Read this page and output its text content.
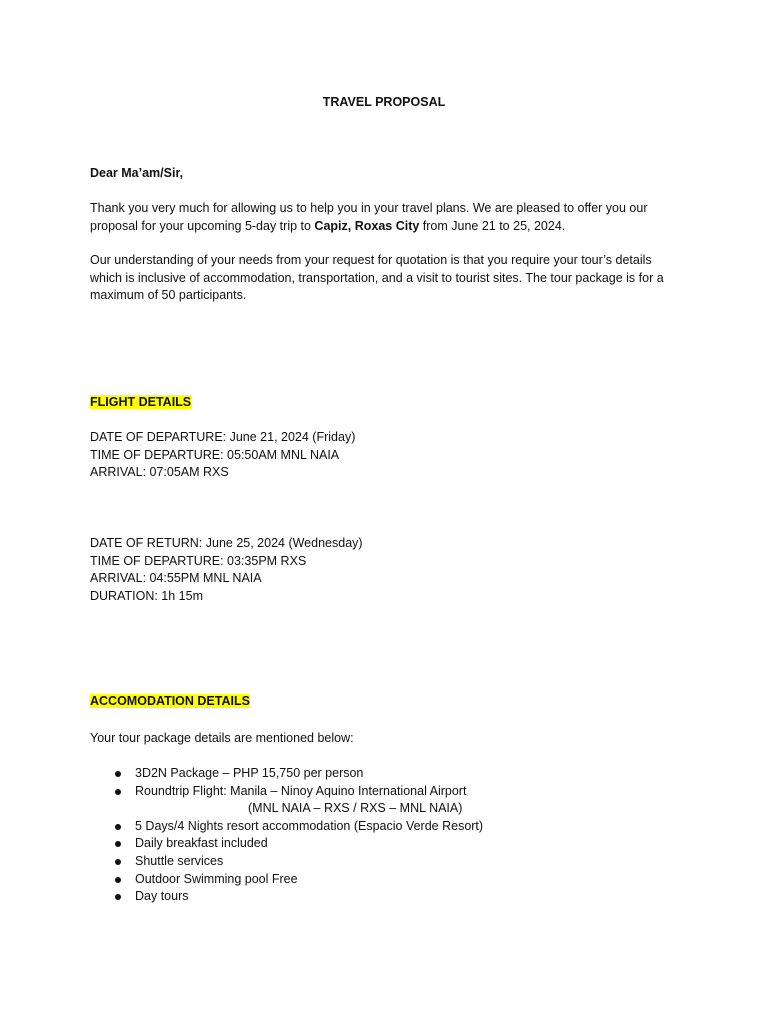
TRAVEL PROPOSAL
Dear Ma’am/Sir,
Thank you very much for allowing us to help you in your travel plans. We are pleased to offer you our
proposal for your upcoming 5-day trip to Capiz, Roxas City from June 21 to 25, 2024.
Our understanding of your needs from your request for quotation is that you require your tour’s details
which is inclusive of accommodation, transportation, and a visit to tourist sites. The tour package is for a
maximum of 50 participants.
FLIGHT DETAILS
DATE OF DEPARTURE: June 21, 2024 (Friday)
TIME OF DEPARTURE: 05:50AM MNL NAIA
ARRIVAL: 07:05AM RXS
DATE OF RETURN: June 25, 2024 (Wednesday)
TIME OF DEPARTURE: 03:35PM RXS
ARRIVAL: 04:55PM MNL NAIA
DURATION: 1h 15m
ACCOMODATION DETAILS
Your tour package details are mentioned below:
3D2N Package – PHP 15,750 per person
Roundtrip Flight: Manila – Ninoy Aquino International Airport
(MNL NAIA – RXS / RXS – MNL NAIA)
5 Days/4 Nights resort accommodation (Espacio Verde Resort)
Daily breakfast included
Shuttle services
Outdoor Swimming pool Free
Day tours
